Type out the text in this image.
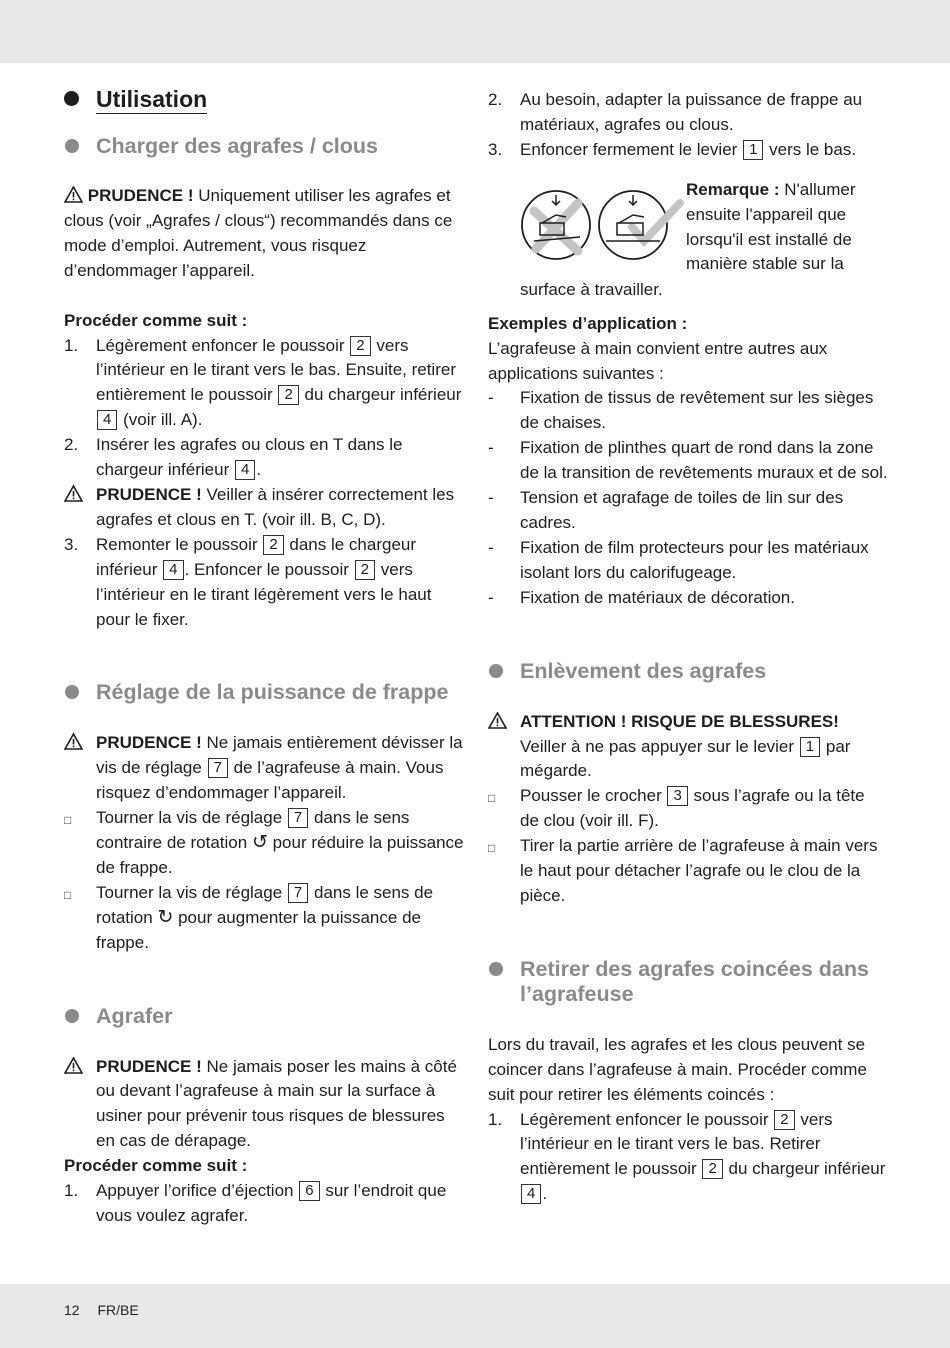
Utilisation
Charger des agrafes / clous

PRUDENCE ! Uniquement utiliser les agrafes et clous (voir „Agrafes / clous“) recommandés dans ce mode d’emploi. Autrement, vous risquez d’endommager l’appareil.

Procéder comme suit :

1.	Légèrement enfoncer le poussoir 2 vers l’intérieur en le tirant vers le bas. Ensuite, retirer entièrement le poussoir 2 du chargeur inférieur 4 (voir ill. A).
2.	Insérer les agrafes ou clous en T dans le chargeur inférieur 4 .
PRUDENCE ! Veiller à insérer correctement les agrafes et clous en T. (voir ill. B, C, D).
3.	Remonter le poussoir 2 dans le chargeur inférieur 4 . Enfoncer le poussoir 2 vers l’intérieur en le tirant légèrement vers le haut pour le fixer.
Réglage de la puissance de frappe
PRUDENCE ! Ne jamais entièrement dévisser la vis de réglage 7 de l’agrafeuse à main. Vous risquez d’endommager l’appareil.
□	Tourner la vis de réglage 7 dans le sens contraire de rotation ↺ pour réduire la puissance de frappe.
□	Tourner la vis de réglage 7 dans le sens de rotation ↻ pour augmenter la puissance de frappe.
Agrafer
PRUDENCE ! Ne jamais poser les mains à côté ou devant l’agrafeuse à main sur la surface à usiner pour prévenir tous risques de blessures en cas de dérapage.

Procéder comme suit :

1.	Appuyer l’orifice d’éjection 6 sur l’endroit que vous voulez agrafer.
2.	Au besoin, adapter la puissance de frappe au matériaux, agrafes ou clous.
3.	Enfoncer fermement le levier 1 vers le bas.

Remarque : N'allumer ensuite l'appareil que lorsqu'il est installé de manière stable sur la

surface à travailler.

Exemples d’application :

L’agrafeuse à main convient entre autres aux applications suivantes :

-	Fixation de tissus de revêtement sur les sièges de chaises.
-	Fixation de plinthes quart de rond dans la zone de la transition de revêtements muraux et de sol.
-	Tension et agrafage de toiles de lin sur des cadres.
-	Fixation de film protecteurs pour les matériaux isolant lors du calorifugeage.
-	Fixation de matériaux de décoration.
Enlèvement des agrafes
ATTENTION ! RISQUE DE BLESSURES!
Veiller à ne pas appuyer sur le levier 1 par mégarde.
□	Pousser le crocher 3 sous l’agrafe ou la tête de clou (voir ill. F).
□	Tirer la partie arrière de l’agrafeuse à main vers le haut pour détacher l’agrafe ou le clou de la pièce.
Retirer des agrafes coincées dans l’agrafeuse

Lors du travail, les agrafes et les clous peuvent se coincer dans l’agrafeuse à main. Procéder comme suit pour retirer les éléments coincés :

1.	Légèrement enfoncer le poussoir 2 vers l’intérieur en le tirant vers le bas. Retirer entièrement le poussoir 2 du chargeur inférieur 4 .
12 FR/BE
